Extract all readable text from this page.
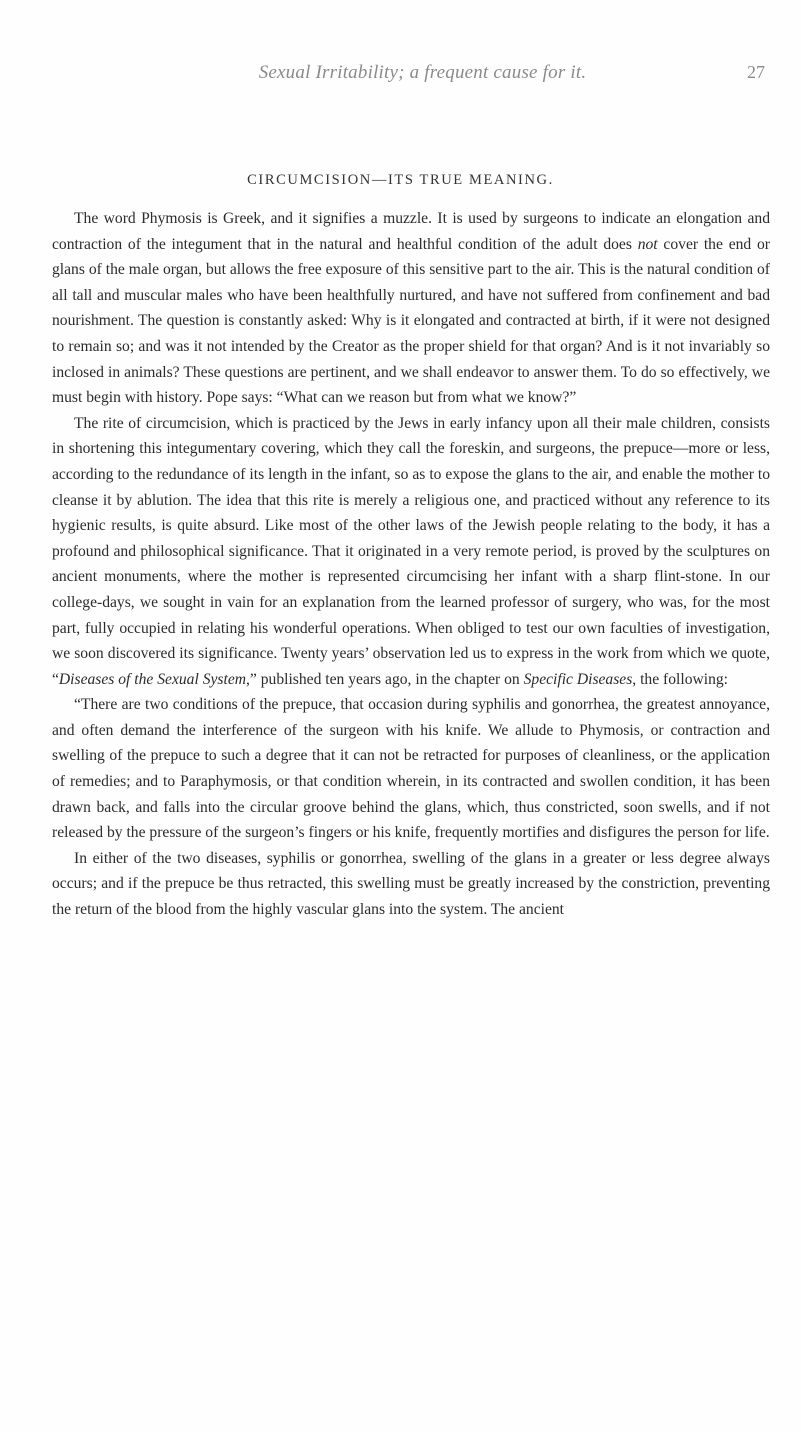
Sexual Irritability; a frequent cause for it.	27
CIRCUMCISION—ITS TRUE MEANING.

The word Phymosis is Greek, and it signifies a muzzle. It is used by surgeons to indicate an elongation and contraction of the integument that in the natural and healthful condition of the adult does not cover the end or glans of the male organ, but allows the free exposure of this sensitive part to the air. This is the natural condition of all tall and muscular males who have been healthfully nurtured, and have not suffered from confinement and bad nourishment. The question is constantly asked: Why is it elongated and contracted at birth, if it were not designed to remain so; and was it not intended by the Creator as the proper shield for that organ? And is it not invariably so inclosed in animals? These questions are pertinent, and we shall endeavor to answer them. To do so effectively, we must begin with history. Pope says: “What can we reason but from what we know?”

The rite of circumcision, which is practiced by the Jews in early infancy upon all their male children, consists in shortening this integumentary covering, which they call the foreskin, and surgeons, the prepuce—more or less, according to the redundance of its length in the infant, so as to expose the glans to the air, and enable the mother to cleanse it by ablution. The idea that this rite is merely a religious one, and practiced without any reference to its hygienic results, is quite absurd. Like most of the other laws of the Jewish people relating to the body, it has a profound and philosophical significance. That it originated in a very remote period, is proved by the sculptures on ancient monuments, where the mother is represented circumcising her infant with a sharp flint-stone. In our college-days, we sought in vain for an explanation from the learned professor of surgery, who was, for the most part, fully occupied in relating his wonderful operations. When obliged to test our own faculties of investigation, we soon discovered its significance. Twenty years’ observation led us to express in the work from which we quote, “Diseases of the Sexual System,” published ten years ago, in the chapter on Specific Diseases, the following:

“There are two conditions of the prepuce, that occasion during syphilis and gonorrhea, the greatest annoyance, and often demand the interference of the surgeon with his knife. We allude to Phymosis, or contraction and swelling of the prepuce to such a degree that it can not be retracted for purposes of cleanliness, or the application of remedies; and to Paraphymosis, or that condition wherein, in its contracted and swollen condition, it has been drawn back, and falls into the circular groove behind the glans, which, thus constricted, soon swells, and if not released by the pressure of the surgeon’s fingers or his knife, frequently mortifies and disfigures the person for life.

In either of the two diseases, syphilis or gonorrhea, swelling of the glans in a greater or less degree always occurs; and if the prepuce be thus retracted, this swelling must be greatly increased by the constriction, preventing the return of the blood from the highly vascular glans into the system. The ancient
